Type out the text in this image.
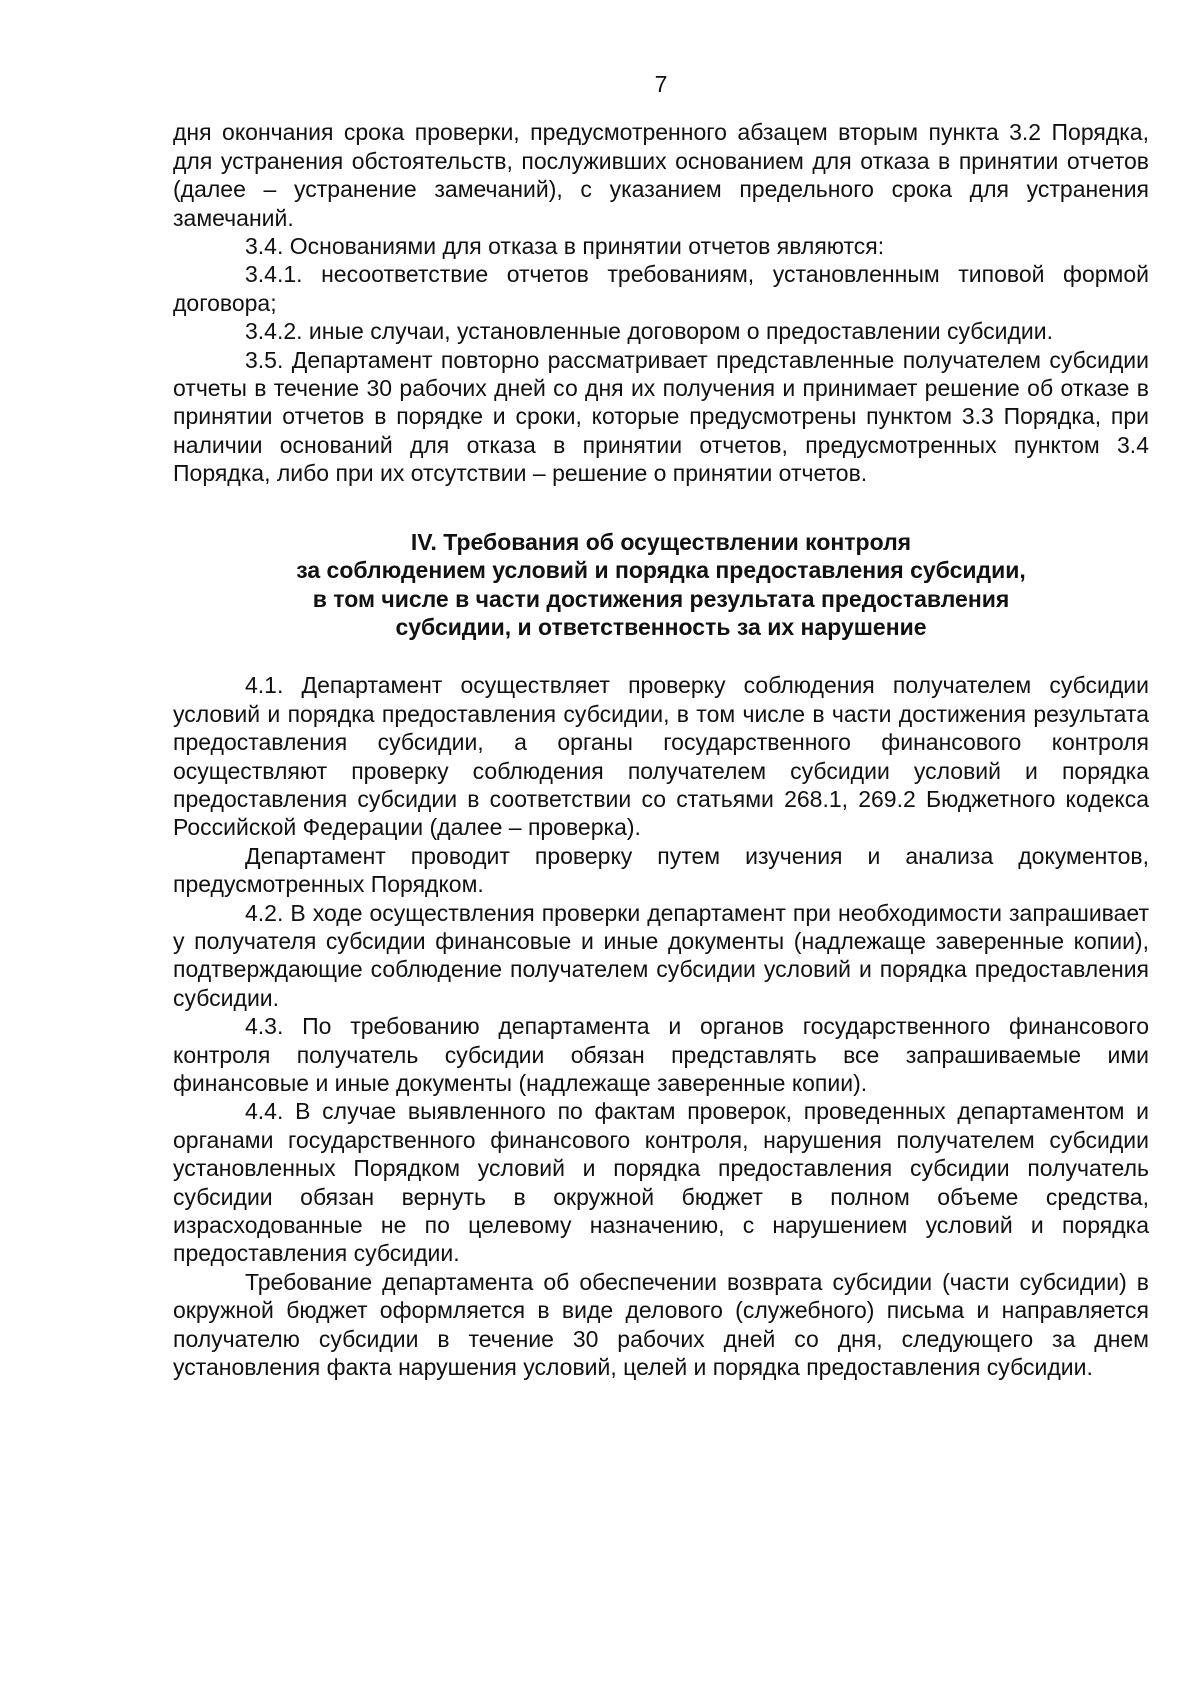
7

дня окончания срока проверки, предусмотренного абзацем вторым пункта 3.2 Порядка, для устранения обстоятельств, послуживших основанием для отказа в принятии отчетов (далее – устранение замечаний), с указанием предельного срока для устранения замечаний.

3.4. Основаниями для отказа в принятии отчетов являются:

3.4.1. несоответствие отчетов требованиям, установленным типовой формой договора;

3.4.2. иные случаи, установленные договором о предоставлении субсидии.

3.5. Департамент повторно рассматривает представленные получателем субсидии отчеты в течение 30 рабочих дней со дня их получения и принимает решение об отказе в принятии отчетов в порядке и сроки, которые предусмотрены пунктом 3.3 Порядка, при наличии оснований для отказа в принятии отчетов, предусмотренных пунктом 3.4 Порядка, либо при их отсутствии – решение о принятии отчетов.

IV. Требования об осуществлении контроля
за соблюдением условий и порядка предоставления субсидии,
в том числе в части достижения результата предоставления
субсидии, и ответственность за их нарушение

4.1. Департамент осуществляет проверку соблюдения получателем субсидии условий и порядка предоставления субсидии, в том числе в части достижения результата предоставления субсидии, а органы государственного финансового контроля осуществляют проверку соблюдения получателем субсидии условий и порядка предоставления субсидии в соответствии со статьями 268.1, 269.2 Бюджетного кодекса Российской Федерации (далее – проверка).

Департамент проводит проверку путем изучения и анализа документов, предусмотренных Порядком.

4.2. В ходе осуществления проверки департамент при необходимости запрашивает у получателя субсидии финансовые и иные документы (надлежаще заверенные копии), подтверждающие соблюдение получателем субсидии условий и порядка предоставления субсидии.

4.3. По требованию департамента и органов государственного финансового контроля получатель субсидии обязан представлять все запрашиваемые ими финансовые и иные документы (надлежаще заверенные копии).

4.4. В случае выявленного по фактам проверок, проведенных департаментом и органами государственного финансового контроля, нарушения получателем субсидии установленных Порядком условий и порядка предоставления субсидии получатель субсидии обязан вернуть в окружной бюджет в полном объеме средства, израсходованные не по целевому назначению, с нарушением условий и порядка предоставления субсидии.

Требование департамента об обеспечении возврата субсидии (части субсидии) в окружной бюджет оформляется в виде делового (служебного) письма и направляется получателю субсидии в течение 30 рабочих дней со дня, следующего за днем установления факта нарушения условий, целей и порядка предоставления субсидии.
